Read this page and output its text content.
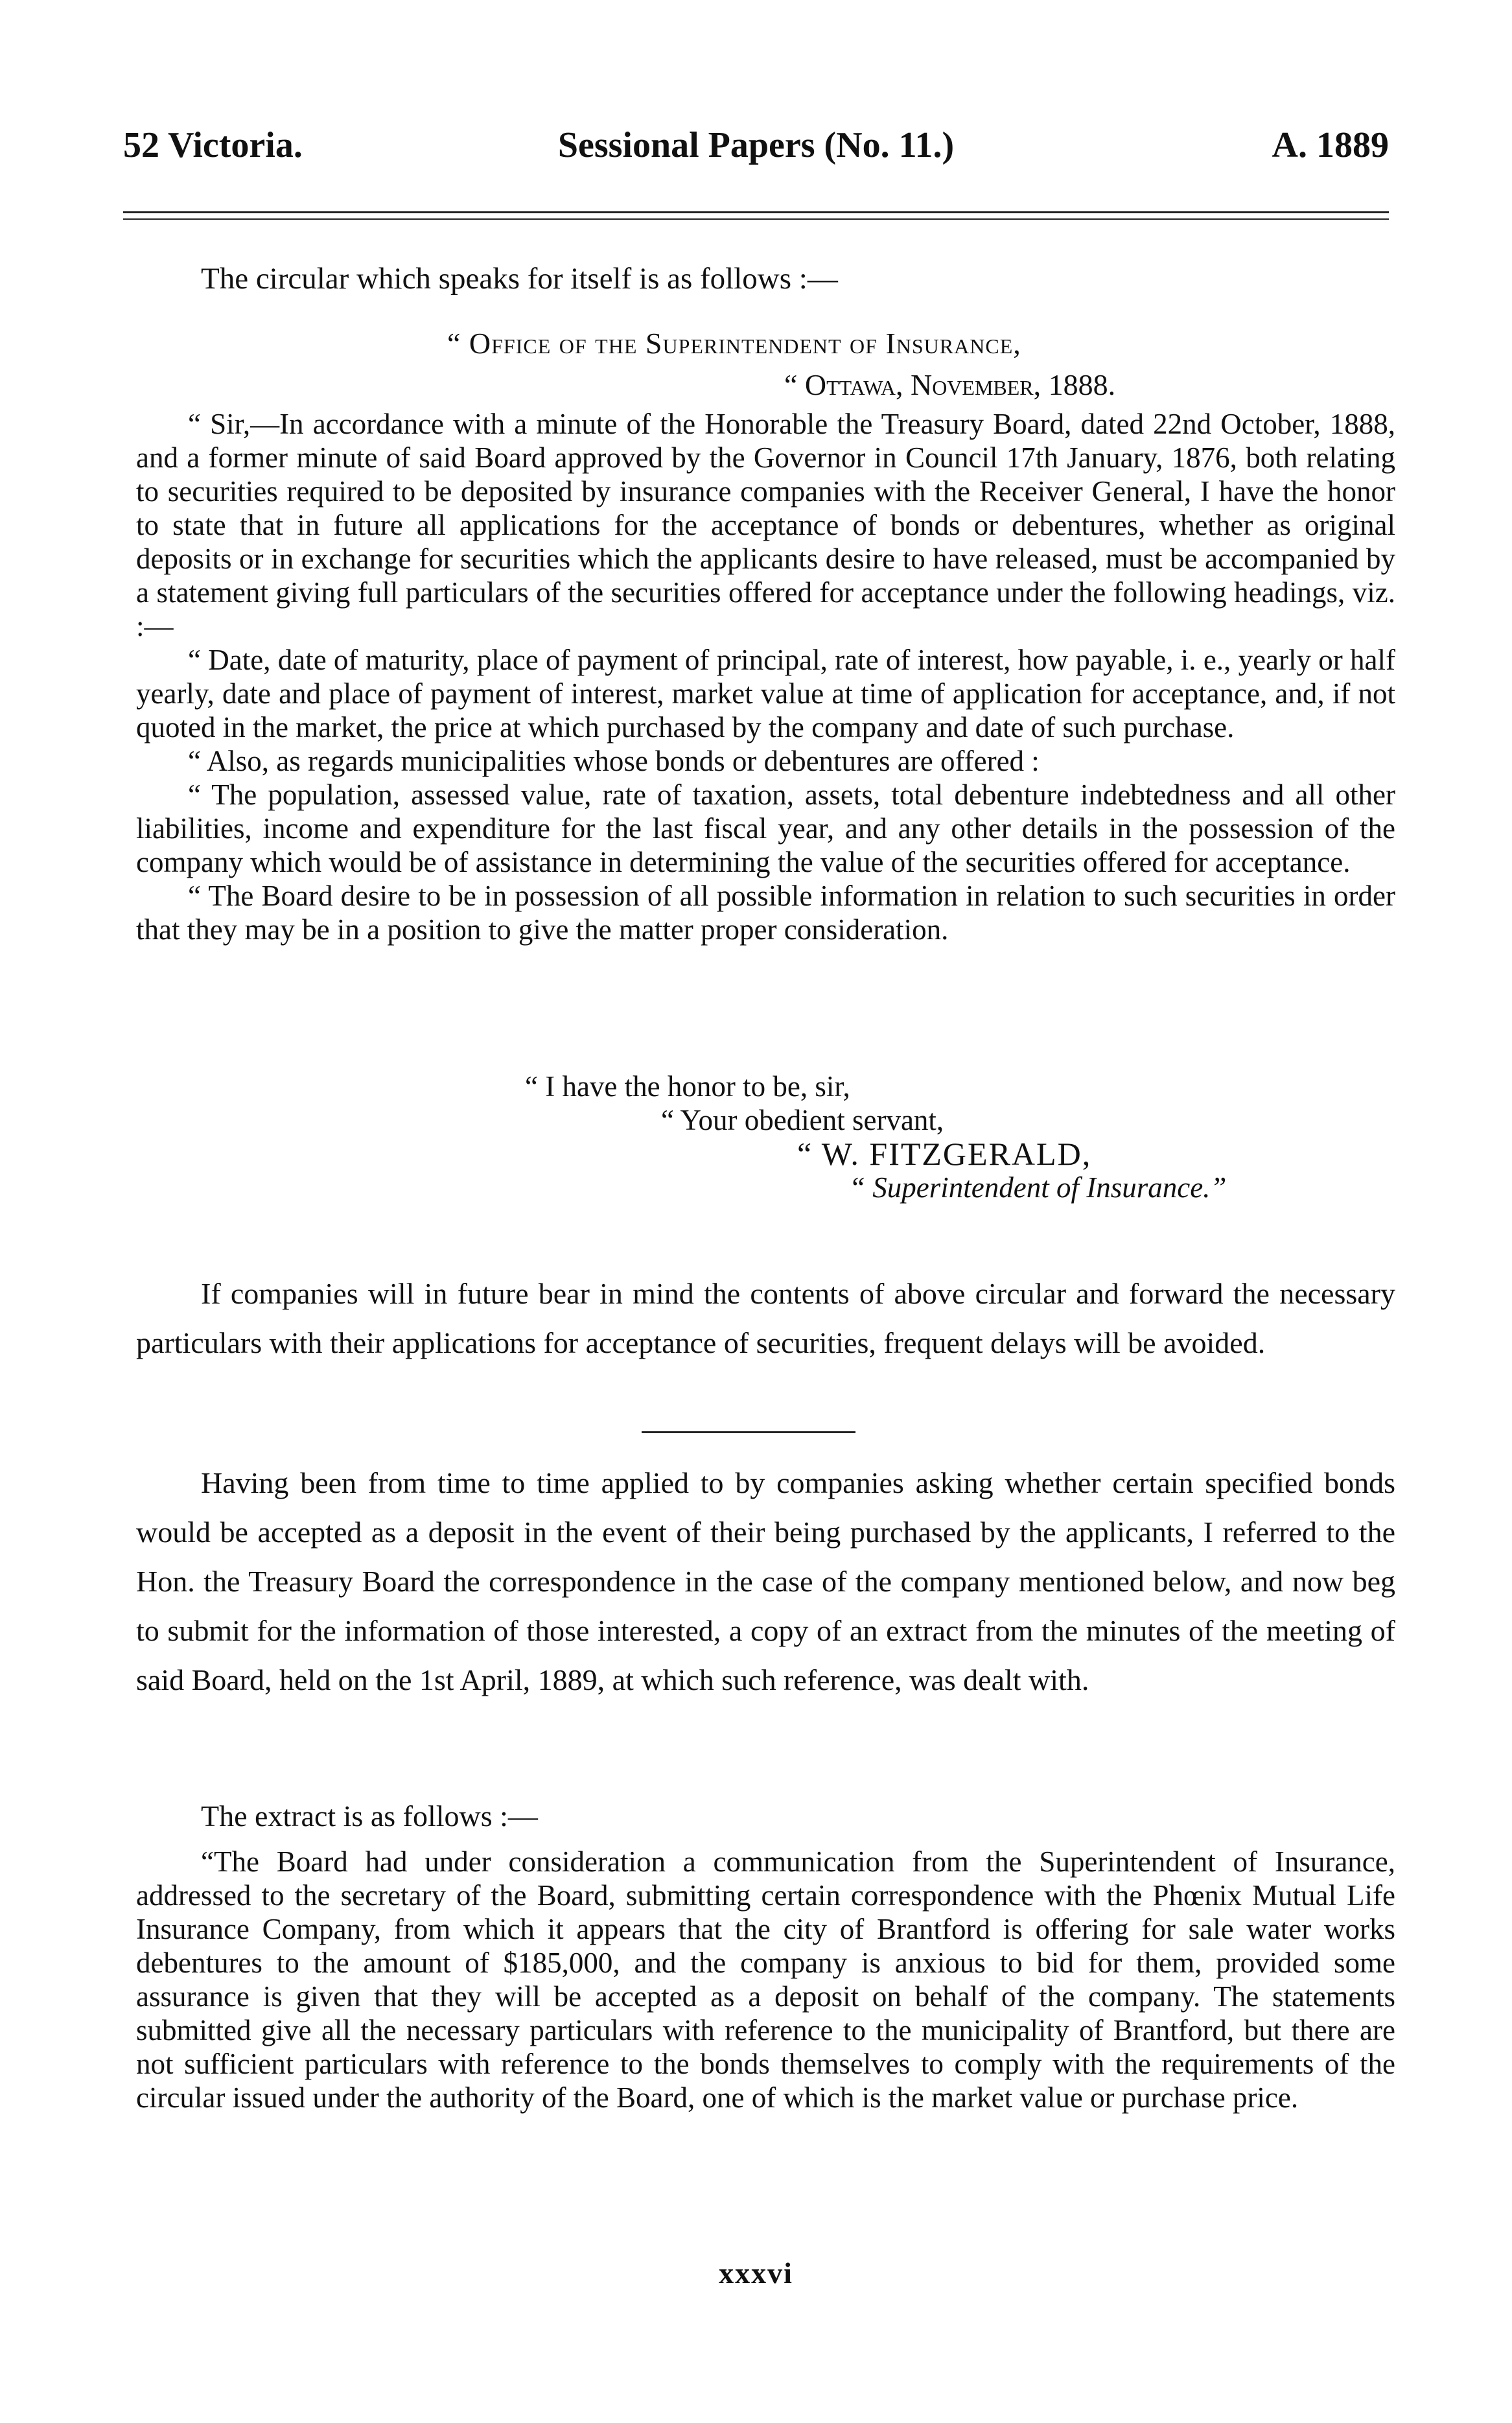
52 Victoria.	Sessional Papers (No. 11.)	A. 1889
The circular which speaks for itself is as follows :—
“ Office of the Superintendent of Insurance,
“ Ottawa, November, 1888.

“ Sir,—In accordance with a minute of the Honorable the Treasury Board, dated 22nd October, 1888, and a former minute of said Board approved by the Governor in Council 17th January, 1876, both relating to securities required to be deposited by insurance companies with the Receiver General, I have the honor to state that in future all applications for the acceptance of bonds or debentures, whether as original deposits or in exchange for securities which the applicants desire to have released, must be accompanied by a statement giving full particulars of the securities offered for acceptance under the following headings, viz. :—

“ Date, date of maturity, place of payment of principal, rate of interest, how payable, i. e., yearly or half yearly, date and place of payment of interest, market value at time of application for acceptance, and, if not quoted in the market, the price at which purchased by the company and date of such purchase.

“ Also, as regards municipalities whose bonds or debentures are offered :

“ The population, assessed value, rate of taxation, assets, total debenture indebtedness and all other liabilities, income and expenditure for the last fiscal year, and any other details in the possession of the company which would be of assistance in determining the value of the securities offered for acceptance.

“ The Board desire to be in possession of all possible information in relation to such securities in order that they may be in a position to give the matter proper consideration.

“ I have the honor to be, sir,
“ Your obedient servant,
“ W. FITZGERALD,
“ Superintendent of Insurance.”
If companies will in future bear in mind the contents of above circular and forward the necessary particulars with their applications for acceptance of securities, frequent delays will be avoided.
Having been from time to time applied to by companies asking whether certain specified bonds would be accepted as a deposit in the event of their being purchased by the applicants, I referred to the Hon. the Treasury Board the correspondence in the case of the company mentioned below, and now beg to submit for the information of those interested, a copy of an extract from the minutes of the meeting of said Board, held on the 1st April, 1889, at which such reference, was dealt with.
The extract is as follows :—
“The Board had under consideration a communication from the Superintendent of Insurance, addressed to the secretary of the Board, submitting certain correspondence with the Phœnix Mutual Life Insurance Company, from which it appears that the city of Brantford is offering for sale water works debentures to the amount of $185,000, and the company is anxious to bid for them, provided some assurance is given that they will be accepted as a deposit on behalf of the company. The statements submitted give all the necessary particulars with reference to the municipality of Brantford, but there are not sufficient particulars with reference to the bonds themselves to comply with the requirements of the circular issued under the authority of the Board, one of which is the market value or purchase price.
xxxvi
